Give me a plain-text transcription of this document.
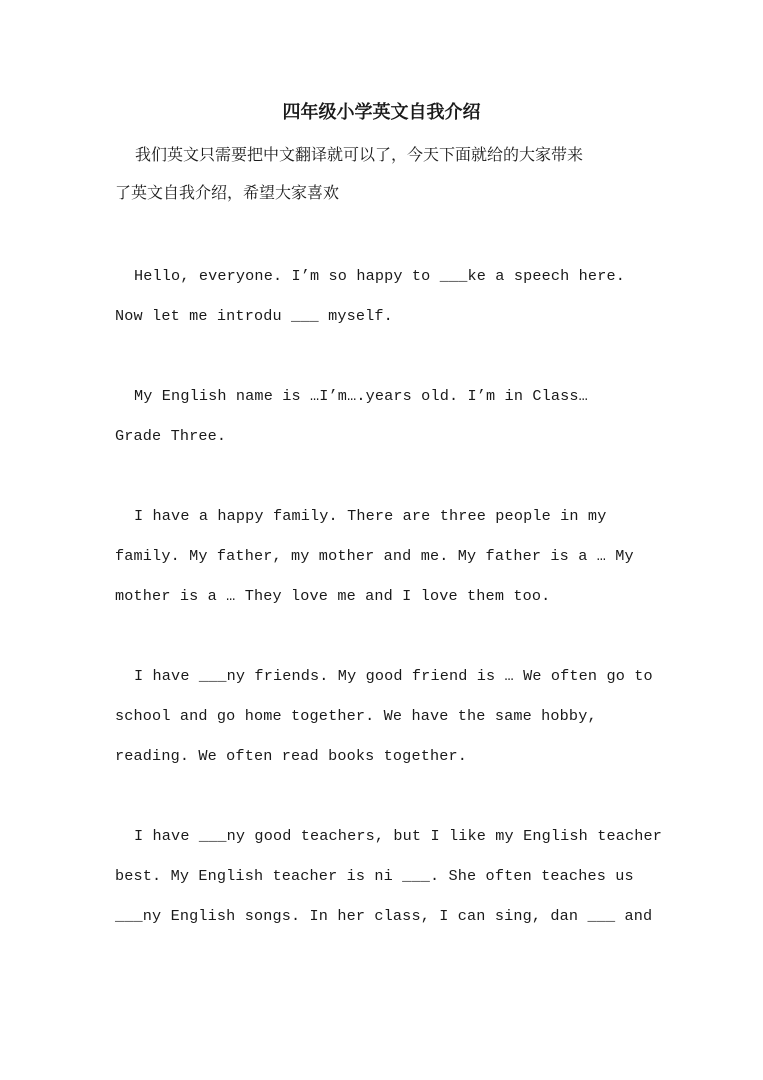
四年级小学英文自我介绍
我们英文只需要把中文翻译就可以了，今天下面就给的大家带来
了英文自我介绍，希望大家喜欢
Hello, everyone. I’m so happy to ___ke a speech here.
Now let me introdu ___ myself.
My English name is …I’m….years old. I’m in Class…
Grade Three.
I have a happy family. There are three people in my
family. My father, my mother and me. My father is a … My
mother is a … They love me and I love them too.
I have ___ny friends. My good friend is … We often go to
school and go home together. We have the same hobby,
reading. We often read books together.
I have ___ny good teachers, but I like my English teacher
best. My English teacher is ni ___. She often teaches us
___ny English songs. In her class, I can sing, dan ___ and
